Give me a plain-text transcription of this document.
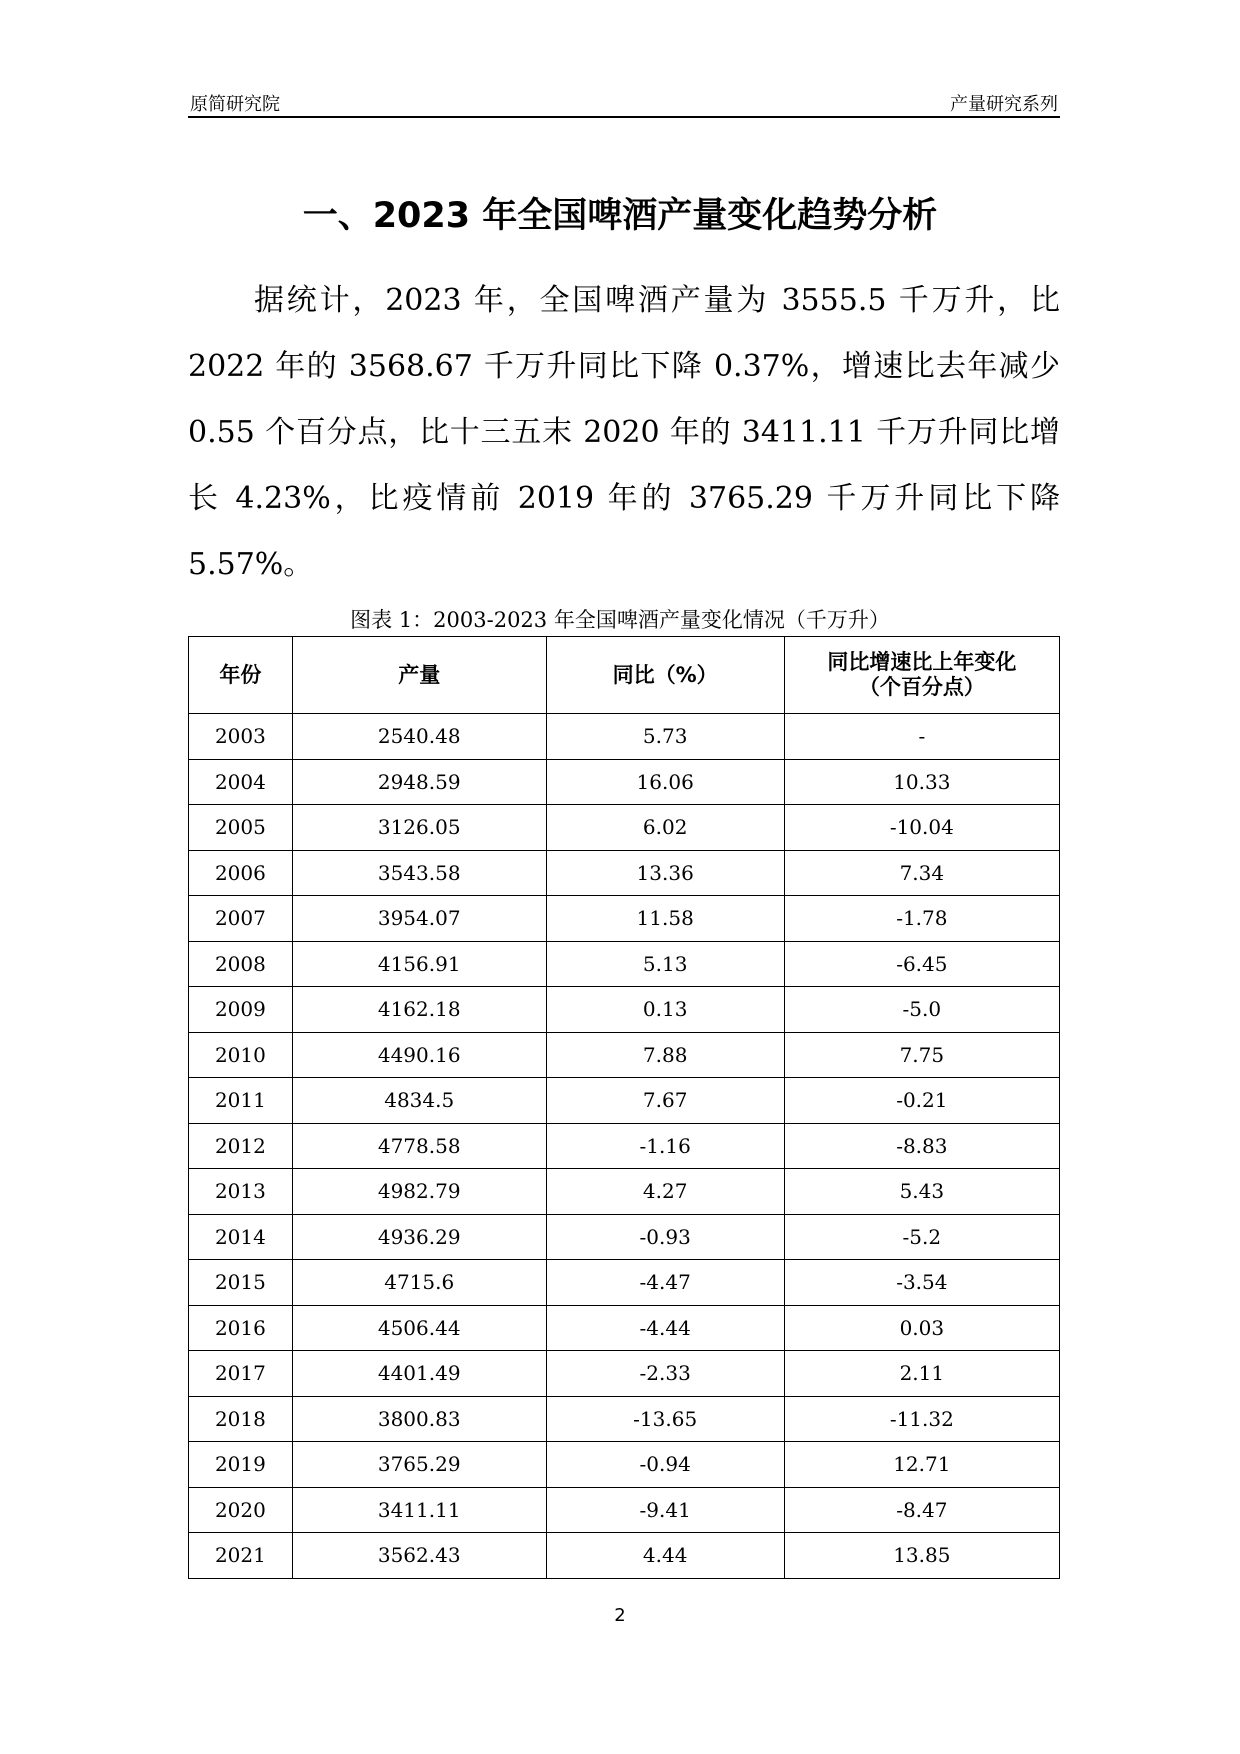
原简研究院	产量研究系列
一、2023 年全国啤酒产量变化趋势分析

据统计，2023 年，全国啤酒产量为 3555.5 千万升，比 2022 年的 3568.67 千万升同比下降 0.37%，增速比去年减少 0.55 个百分点，比十三五末 2020 年的 3411.11 千万升同比增长 4.23%，比疫情前 2019 年的 3765.29 千万升同比下降 5.57%。

图表 1：2003-2023 年全国啤酒产量变化情况（千万升）
年份	产量	同比（%）	同比增速比上年变化
（个百分点）

2003	2540.48	5.73	-
2004	2948.59	16.06	10.33
2005	3126.05	6.02	-10.04
2006	3543.58	13.36	7.34
2007	3954.07	11.58	-1.78
2008	4156.91	5.13	-6.45
2009	4162.18	0.13	-5.0
2010	4490.16	7.88	7.75
2011	4834.5	7.67	-0.21
2012	4778.58	-1.16	-8.83
2013	4982.79	4.27	5.43
2014	4936.29	-0.93	-5.2
2015	4715.6	-4.47	-3.54
2016	4506.44	-4.44	0.03
2017	4401.49	-2.33	2.11
2018	3800.83	-13.65	-11.32
2019	3765.29	-0.94	12.71
2020	3411.11	-9.41	-8.47
2021	3562.43	4.44	13.85
2
